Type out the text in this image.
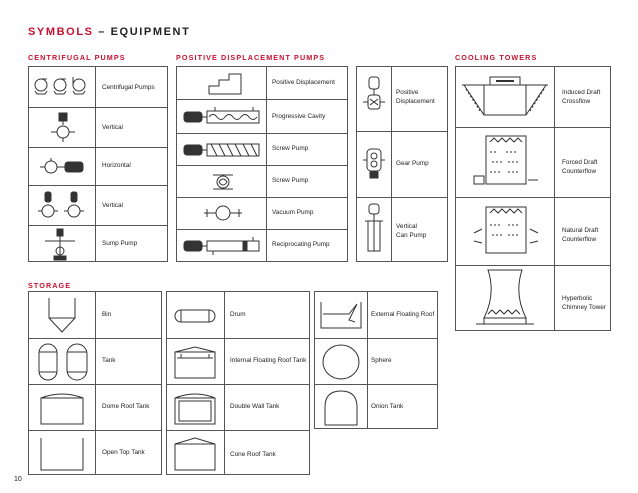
SYMBOLS – EQUIPMENT
CENTRIFUGAL PUMPS
Centrifugal Pumps
Vertical
Horizontal
Vertical
Sump Pump
POSITIVE DISPLACEMENT PUMPS
Positive Displacement
Progressive Cavity
Screw Pump
Screw Pump
Vacuum Pump
Reciprocating Pump
Positive
Displacement
Gear Pump
Vertical
Can Pump
COOLING TOWERS
Induced Draft
Crossflow
Forced Draft
Counterflow
Natural Draft
Counterflow
Hyperbolic
Chimney Tower
STORAGE
Bin
Tank
Dome Roof Tank
Open Top Tank
Drum
Internal Floating Roof Tank
Double Wall Tank
Cone Roof Tank
External Floating Roof
Sphere
Onion Tank
10
